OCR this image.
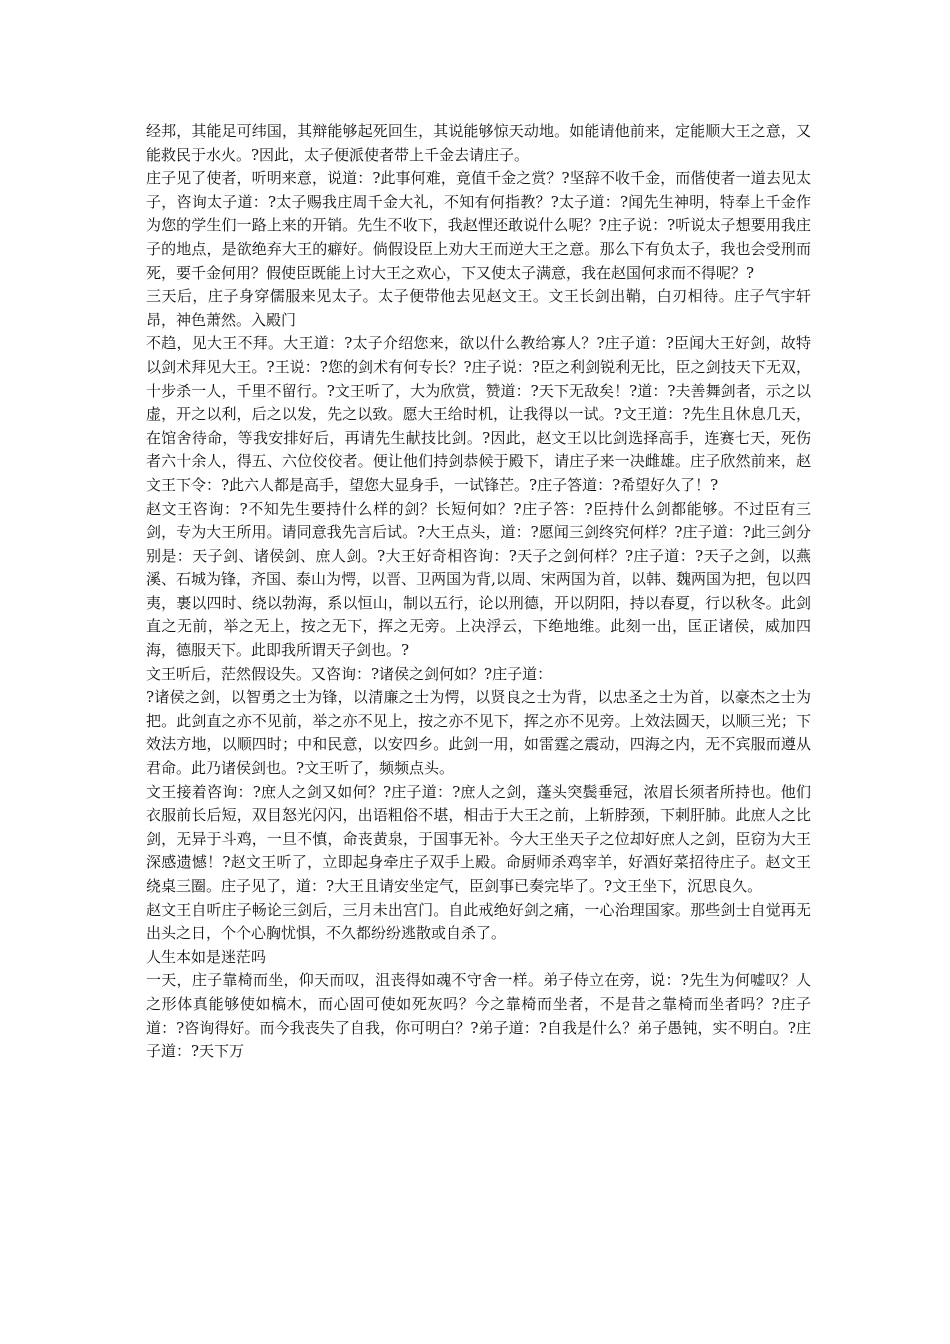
经邦，其能足可纬国，其辩能够起死回生，其说能够惊天动地。如能请他前来，定能顺大王之意，又能救民于水火。?因此，太子便派使者带上千金去请庄子。

庄子见了使者，听明来意，说道：?此事何难，竟值千金之赏？?坚辞不收千金，而偕使者一道去见太子，咨询太子道：?太子赐我庄周千金大礼，不知有何指教？?太子道：?闻先生神明，特奉上千金作为您的学生们一路上来的开销。先生不收下，我赵悝还敢说什么呢？?庄子说：?听说太子想要用我庄子的地点，是欲绝弃大王的癖好。倘假设臣上劝大王而逆大王之意。那么下有负太子，我也会受刑而死，要千金何用？假使臣既能上讨大王之欢心，下又使太子满意，我在赵国何求而不得呢？?

三天后，庄子身穿儒服来见太子。太子便带他去见赵文王。文王长剑出鞘，白刃相待。庄子气宇轩昂，神色萧然。入殿门

不趋，见大王不拜。大王道：?太子介绍您来，欲以什么教给寡人？?庄子道：?臣闻大王好剑，故特以剑术拜见大王。?王说：?您的剑术有何专长？?庄子说：?臣之利剑锐利无比，臣之剑技天下无双，十步杀一人，千里不留行。?文王听了，大为欣赏，赞道：?天下无敌矣！?道：?夫善舞剑者，示之以虚，开之以利，后之以发，先之以致。愿大王给时机，让我得以一试。?文王道：?先生且休息几天，在馆舍待命，等我安排好后，再请先生献技比剑。?因此，赵文王以比剑选择高手，连赛七天，死伤者六十余人，得五、六位佼佼者。便让他们持剑恭候于殿下，请庄子来一决雌雄。庄子欣然前来，赵文王下令：?此六人都是高手，望您大显身手，一试锋芒。?庄子答道：?希望好久了！?

赵文王咨询：?不知先生要持什么样的剑？长短何如？?庄子答：?臣持什么剑都能够。不过臣有三剑，专为大王所用。请同意我先言后试。?大王点头，道：?愿闻三剑终究何样？?庄子道：?此三剑分别是：天子剑、诸侯剑、庶人剑。?大王好奇相咨询：?天子之剑何样？?庄子道：?天子之剑，以燕溪、石城为锋，齐国、泰山为愕，以晋、卫两国为背,以周、宋两国为首，以韩、魏两国为把，包以四夷，裹以四时、绕以勃海，系以恒山，制以五行，论以刑德，开以阴阳，持以春夏，行以秋冬。此剑直之无前，举之无上，按之无下，挥之无旁。上决浮云，下绝地维。此刻一出，匡正诸侯，威加四海，德服天下。此即我所谓天子剑也。?

文王听后，茫然假设失。又咨询：?诸侯之剑何如？?庄子道：

?诸侯之剑，以智勇之士为锋，以清廉之士为愕，以贤良之士为背，以忠圣之士为首，以豪杰之士为把。此剑直之亦不见前，举之亦不见上，按之亦不见下，挥之亦不见旁。上效法圆天，以顺三光；下效法方地，以顺四时；中和民意，以安四乡。此剑一用，如雷霆之震动，四海之内，无不宾服而遵从君命。此乃诸侯剑也。?文王听了，频频点头。

文王接着咨询：?庶人之剑又如何？?庄子道：?庶人之剑，蓬头突鬓垂冠，浓眉长须者所持也。他们衣服前长后短，双目怒光闪闪，出语粗俗不堪，相击于大王之前，上斩脖颈，下刺肝肺。此庶人之比剑，无异于斗鸡，一旦不慎，命丧黄泉，于国事无补。今大王坐天子之位却好庶人之剑，臣窃为大王深感遗憾！?赵文王听了，立即起身牵庄子双手上殿。命厨师杀鸡宰羊，好酒好菜招待庄子。赵文王绕桌三圈。庄子见了，道：?大王且请安坐定气，臣剑事已奏完毕了。?文王坐下，沉思良久。

赵文王自听庄子畅论三剑后，三月未出宫门。自此戒绝好剑之痛，一心治理国家。那些剑士自觉再无出头之日，个个心胸忧惧，不久都纷纷逃散或自杀了。

人生本如是迷茫吗

一天，庄子靠椅而坐，仰天而叹，沮丧得如魂不守舍一样。弟子侍立在旁，说：?先生为何嘘叹？人之形体真能够使如槁木，而心固可使如死灰吗？今之靠椅而坐者，不是昔之靠椅而坐者吗？?庄子道：?咨询得好。而今我丧失了自我，你可明白？?弟子道：?自我是什么？弟子愚钝，实不明白。?庄子道：?天下万
